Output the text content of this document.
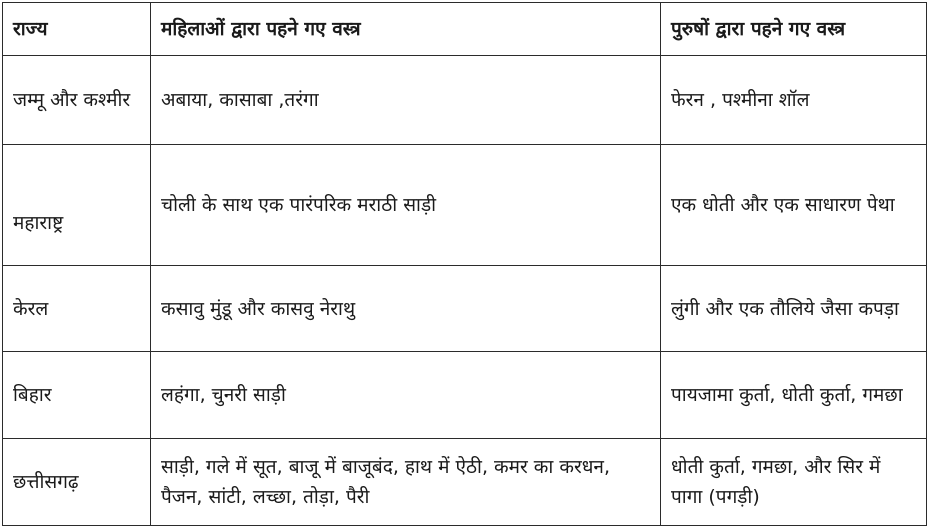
राज्य	महिलाओं द्वारा पहने गए वस्त्र	पुरुषों द्वारा पहने गए वस्त्र
जम्मू और कश्मीर	अबाया, कासाबा ,तरंगा	फेरन , पश्मीना शॉल
महाराष्ट्र	चोली के साथ एक पारंपरिक मराठी साड़ी	एक धोती और एक साधारण पेथा
केरल	कसावु मुंडू और कासवु नेराथु	लुंगी और एक तौलिये जैसा कपड़ा
बिहार	लहंगा, चुनरी साड़ी	पायजामा कुर्ता, धोती कुर्ता, गमछा
छत्तीसगढ़	साड़ी, गले में सूत, बाजू में बाजूबंद, हाथ में ऐठी, कमर का करधन, पैजन, सांटी, लच्छा, तोड़ा, पैरी	धोती कुर्ता, गमछा, और सिर में पागा (पगड़ी)
